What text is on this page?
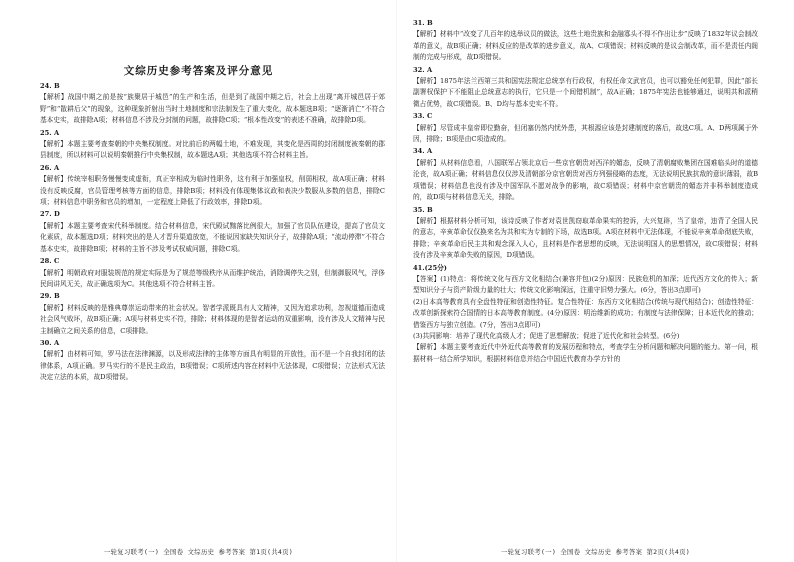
文综历史参考答案及评分意见
24. B
【解析】战国中期之前是按“族聚居于城邑”的生产和生活，但是到了战国中期之后，社会上出现“离开城邑居于郊野”和“散耕后父”的现象，这种现象折射出当时土地制度和宗法制发生了重大变化，故本题选B项；“逐渐消亡”不符合基本史实，故排除A项；材料信息不涉及分封制的问题，故排除C项；“根本性改变”的表述不准确，故排除D项。
25. A
【解析】本题主要考查秦朝的中央集权制度。对比前后的两幅土地，不难发现，其变化是西周的封闭制度被秦朝的郡县制度，所以材料可以说明秦朝推行中央集权制，故本题选A项；其他选项不符合材料主旨。
26. A
【解析】传统宰相职务慢慢变成虚衔，真正宰相成为临时性职务，这有利于加强皇权，削弱相权，故A项正确；材料没有反映反腐，官员管理考核等方面的信息，排除B项；材料没有体现集体议政和表决少数服从多数的信息，排除C项；材料信息中职务和官员的增加，一定程度上降低了行政效率，排除D项。
27. D
【解析】本题主要考查宋代科举制度。结合材料信息，宋代殿试黜落比例很大，加强了官员队伍建设，提高了官员文化素质，故本题选D项；材料突出的是人才晋升渠道放宽，不能说因家缺失知识分子，故排除A项；“流动停滞”不符合基本史实，故排除B项；材料的主旨不涉及考试权威问题，排除C项。
28. C
【解析】明朝政府对服装规范的规定实际是为了规范等级秩序从而维护统治，消除调停失之别，但制御服风气，浮侈民间讲风无关，故正确选项为C。其他选项不符合材料主旨。
29. B
【解析】材料反映的是雅典尊崇运动带来的社会状况。智者学派既具有人文精神，又因为追求功利，忽视道德而造成社会风气败坏，故B项正确；A项与材料史实不符，排除；材料体现的是智者运动的双重影响，没有涉及人文精神与民主制确立之间关系的信息，C项排除。
30. A
【解析】由材料可知，罗马法在法律渊源，以及形成法律的主体等方面具有明显的开放性，而不是一个自我封闭的法律体系，A项正确。罗马实行的不是民主政治，B项错误；C项所述内容在材料中无法体现，C项错误；立法形式无法决定立法的本质，故D项错误。
一轮复习联考(一) 全国卷 文综历史 参考答案 第1页(共4页)
31. B
【解析】材料中“改变了几百年的选举议员的做法，这些土地贵族和金融寡头不得不作出让步”反映了1832年议会制改革的意义，故B项正确；材料反应的是改革的进步意义，故A、C项错误；材料反映的是议会制改革，而不是责任内阁制的完成与形成，故D项错误。
32. A
【解析】1875年法兰西第三共和国宪法规定总统享有行政权，有权任命文武官员，也可以豁免任何犯罪，因此“部长副署权保护下不能阻止总统意志的执行，它只是一个间错机制”，故A正确；1875年宪法也能够通过，说明共和派稍微占优势，故C项错误。B、D均与基本史实不符。
33. C
【解析】尽管成丰皇帝即位勤奋，但闭塞仍然内忧外患，其根源应该是封建制度的落后，故选C项。A、D两项属于外因，排除；B项是由C项造成的。
34. A
【解析】从材料信息看，八国联军占领北京后一些京官朝贵对西洋的媚态，反映了清朝腐败集团在国难临头时的道德沦丧，故A项正确；材料信息仅仅涉及清朝部分京官朝贵对西方列强侵略的态度，无法说明民族抗敌的意识薄弱，故B项错误；材料信息也没有涉及中国军队不愿对战争的影响，故C项错误；材料中京官朝贵的媚态并非科举制度造成的，故D项与材料信息无关，排除。
35. B
【解析】根据材料分析可知，该诗反映了作者对袁世凯窃取革命果实的控诉，大兴复辟，当了皇帝，违背了全国人民的意志，辛亥革命仅仅换来名为共和实为专制的下场，故选B项。A项在材料中无法体现，不能说辛亥革命彻底失败，排除；辛亥革命后民主共和观念深入人心，且材料是作者思想的反映，无法说明国人的思想情况，故C项错误；材料没有涉及辛亥革命失败的原因，D项错误。
41.(25分)
【答案】(1)特点：将传统文化与西方文化相结合(兼容并包)(2分)原因：民族危机的加深；近代西方文化的传入；新型知识分子与资产阶级力量的壮大；传统文化影响深远，注重守旧势力强大。(6分，答出3点即可)
(2)日本高等教育具有全盘性特征和创造性特征。复合性特征：东西方文化相结合(传统与现代相结合)；创造性特征：改革创新探索符合国情的日本高等教育制度。(4分)原因：明治维新的成功；有制度与法律保障；日本近代化的推动；借鉴西方与独立创造。(7分，答出3点即可)
(3)共同影响：培养了现代化高级人才；促进了思想解放；促进了近代化和社会转型。(6分)
【解析】本题主要考查近代中外近代高等教育的发展历程和特点，考查学生分析问题和解决问题的能力。第一问，根据材料一结合所学知识，根据材料信息并结合中国近代教育办学方针的
一轮复习联考(一) 全国卷 文综历史 参考答案 第2页(共4页)
